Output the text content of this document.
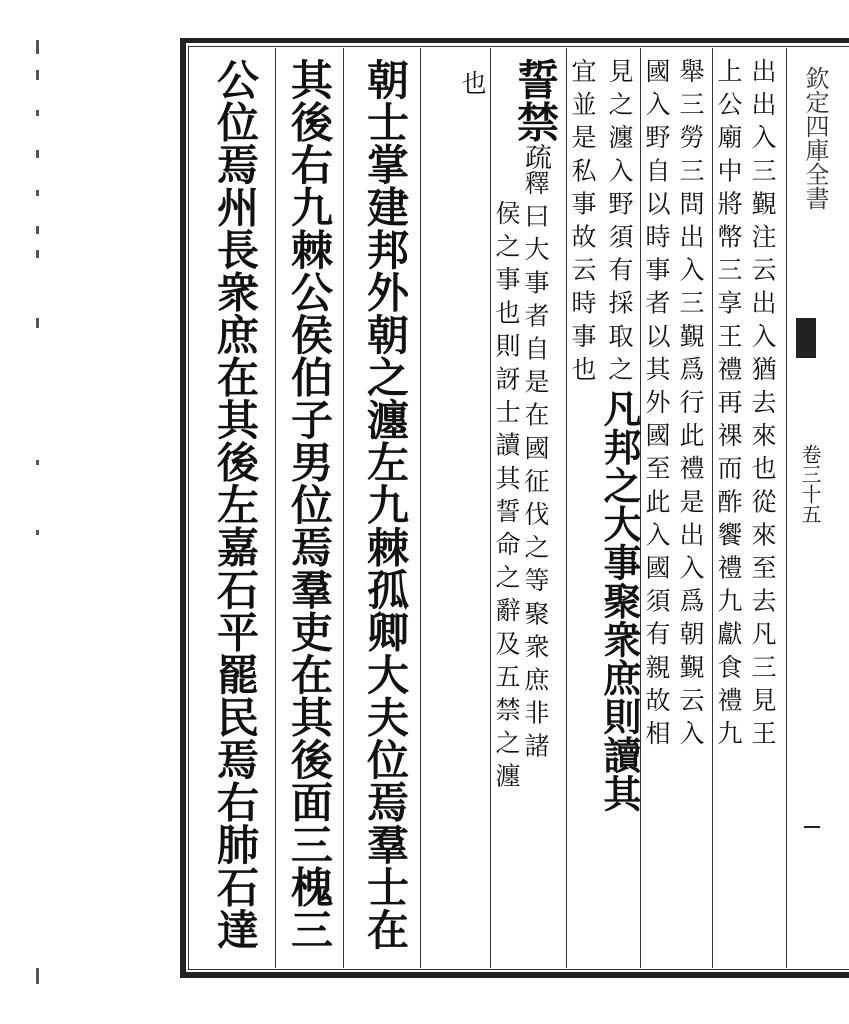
欽定四庫全書
卷三十五
出出入三覲注云出入猶去來也從來至去凡三見王
上公廟中將幣三享王禮再祼而酢饗禮九獻食禮九
舉三勞三問出入三覲爲行此禮是出入爲朝覲云入
國入野自以時事者以其外國至此入國須有親故相
見之瀍入野須有採取之凡邦之大事聚衆庶則讀其
宜並是私事故云時事也
誓禁疏釋曰大事者自是在國征伐之等聚衆庶非諸
侯之事也則訝士讀其誓命之辭及五禁之瀍
也
朝士掌建邦外朝之瀍左九棘孤卿大夫位焉羣士在
其後右九棘公侯伯子男位焉羣吏在其後面三槐三
公位焉州長衆庶在其後左嘉石平罷民焉右肺石達
